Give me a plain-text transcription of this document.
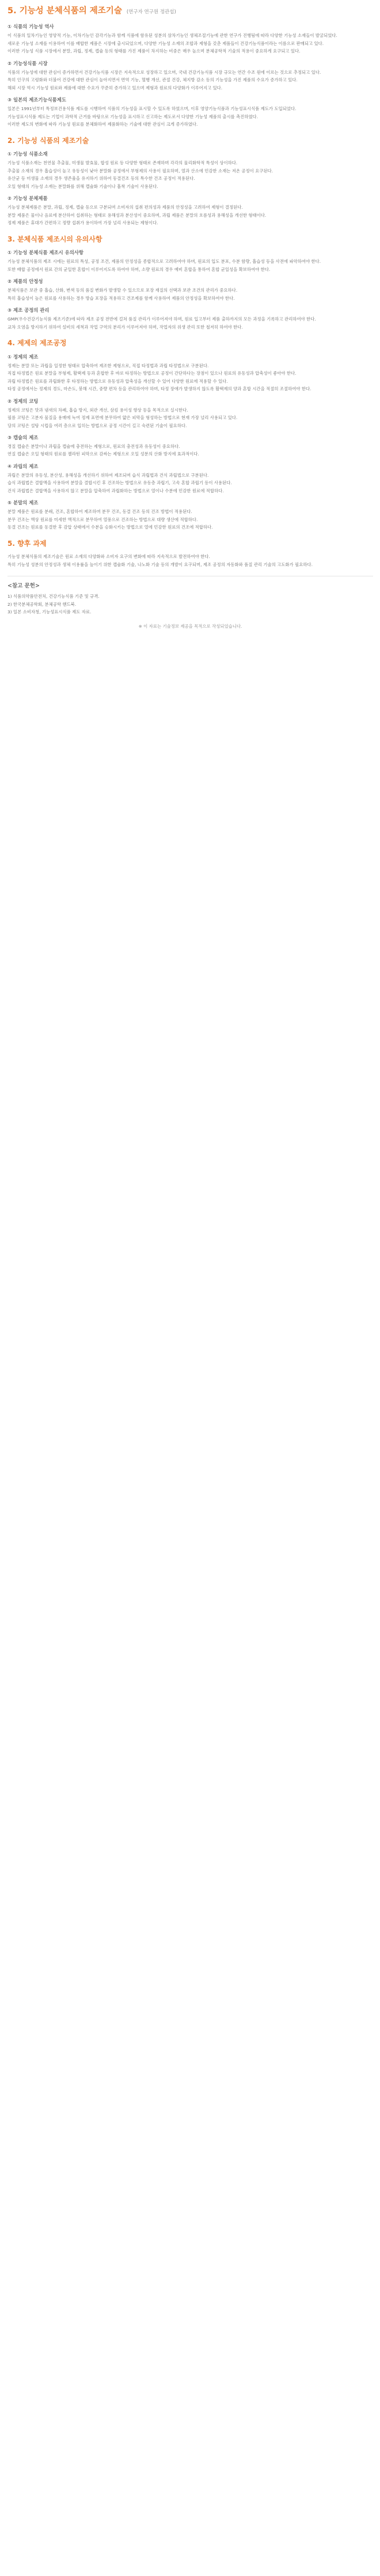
5. 기능성 분체식품의 제조기술 (연구자 연구원 정관섭)
① 식품의 기능성 역사

이 식품의 일차기능인 영양적 기능, 이차기능인 감각기능과 함께 식품에 함유된 성분의 삼차기능인 생체조절기능에 관한 연구가 진행됨에 따라 다양한 기능성 소재들이 발굴되었다.

새로운 기능성 소재를 이용하여 이를 배합한 제품은 시장에 출시되었으며, 다양한 기능성 소재의 조합과 제형을 갖춘 제품들이 건강기능식품이라는 이름으로 판매되고 있다.

이러한 기능성 식품 시장에서 분말, 과립, 정제, 캡슐 등의 형태를 가진 제품이 차지하는 비중은 매우 높으며 분체공학적 기술의 적용이 중요하게 요구되고 있다.

② 기능성식품 시장

식품의 기능성에 대한 관심이 증가하면서 건강기능식품 시장은 지속적으로 성장하고 있으며, 국내 건강기능식품 시장 규모는 연간 수조 원에 이르는 것으로 추정되고 있다.

특히 인구의 고령화와 더불어 건강에 대한 관심이 높아지면서 면역 기능, 혈행 개선, 관절 건강, 체지방 감소 등의 기능성을 가진 제품의 수요가 증가하고 있다.

해외 시장 역시 기능성 원료와 제품에 대한 수요가 꾸준히 증가하고 있으며 제형과 원료의 다양화가 이루어지고 있다.

③ 일본의 제조기능식품제도

일본은 1991년부터 특정보건용식품 제도를 시행하여 식품의 기능성을 표시할 수 있도록 하였으며, 이후 영양기능식품과 기능성표시식품 제도가 도입되었다.

기능성표시식품 제도는 기업이 과학적 근거를 바탕으로 기능성을 표시하고 신고하는 제도로서 다양한 기능성 제품의 출시를 촉진하였다.

이러한 제도의 변화에 따라 기능성 원료를 분체화하여 제품화하는 기술에 대한 관심이 크게 증가하였다.

2. 기능성 식품의 제조기술
① 기능성 식품소재

기능성 식품소재는 천연물 추출물, 미생물 발효물, 합성 원료 등 다양한 형태로 존재하며 각각의 물리화학적 특성이 상이하다.

추출물 소재의 경우 흡습성이 높고 유동성이 낮아 분말화 공정에서 부형제의 사용이 필요하며, 열과 산소에 민감한 소재는 저온 공정이 요구된다.

유산균 등 미생물 소재의 경우 생존율을 유지하기 위하여 동결건조 등의 특수한 건조 공정이 적용된다.

오일 형태의 기능성 소재는 분말화를 위해 캡슐화 기술이나 흡착 기술이 사용된다.

② 기능성 분체제품

기능성 분체제품은 분말, 과립, 정제, 캡슐 등으로 구분되며 소비자의 섭취 편의성과 제품의 안정성을 고려하여 제형이 결정된다.

분말 제품은 물이나 음료에 분산하여 섭취하는 형태로 용해성과 분산성이 중요하며, 과립 제품은 분말의 흐름성과 용해성을 개선한 형태이다.

정제 제품은 휴대가 간편하고 정량 섭취가 용이하여 가장 널리 사용되는 제형이다.

3. 분체식품 제조시의 유의사항
① 기능성 분체식품 제조시 유의사항

기능성 분체식품의 제조 시에는 원료의 특성, 공정 조건, 제품의 안정성을 종합적으로 고려하여야 하며, 원료의 입도 분포, 수분 함량, 흡습성 등을 사전에 파악하여야 한다.

또한 배합 공정에서 원료 간의 균일한 혼합이 이루어지도록 하여야 하며, 소량 원료의 경우 예비 혼합을 통하여 혼합 균일성을 확보하여야 한다.

② 제품의 안정성

분체식품은 보관 중 흡습, 산화, 변색 등의 품질 변화가 발생할 수 있으므로 포장 재질의 선택과 보관 조건의 관리가 중요하다.

특히 흡습성이 높은 원료를 사용하는 경우 방습 포장을 적용하고 건조제를 함께 사용하여 제품의 안정성을 확보하여야 한다.

③ 제조 공정의 관리

GMP(우수건강기능식품 제조기준)에 따라 제조 공정 전반에 걸쳐 품질 관리가 이루어져야 하며, 원료 입고부터 제품 출하까지의 모든 과정을 기록하고 관리하여야 한다.

교차 오염을 방지하기 위하여 설비의 세척과 작업 구역의 분리가 이루어져야 하며, 작업자의 위생 관리 또한 철저히 하여야 한다.

4. 제제의 제조공정
① 정제의 제조

정제는 분말 또는 과립을 일정한 형태로 압축하여 제조한 제형으로, 직접 타정법과 과립 타정법으로 구분된다.

직접 타정법은 원료 분말을 부형제, 활택제 등과 혼합한 후 바로 타정하는 방법으로 공정이 간단하다는 장점이 있으나 원료의 유동성과 압축성이 좋아야 한다.

과립 타정법은 원료를 과립화한 후 타정하는 방법으로 유동성과 압축성을 개선할 수 있어 다양한 원료에 적용할 수 있다.

타정 공정에서는 정제의 경도, 마손도, 붕해 시간, 중량 편차 등을 관리하여야 하며, 타정 장애가 발생하지 않도록 활택제의 양과 혼합 시간을 적절히 조절하여야 한다.

② 정제의 코팅

정제의 코팅은 맛과 냄새의 차폐, 흡습 방지, 외관 개선, 삼킴 용이성 향상 등을 목적으로 실시한다.

필름 코팅은 고분자 물질을 용매에 녹여 정제 표면에 분무하여 얇은 피막을 형성하는 방법으로 현재 가장 널리 사용되고 있다.

당의 코팅은 설탕 시럽을 여러 층으로 입히는 방법으로 공정 시간이 길고 숙련된 기술이 필요하다.

③ 캡슐의 제조

경질 캡슐은 분말이나 과립을 캡슐에 충전하는 제형으로, 원료의 충전성과 유동성이 중요하다.

연질 캡슐은 오일 형태의 원료를 젤라틴 피막으로 감싸는 제형으로 오일 성분의 산화 방지에 효과적이다.

④ 과립의 제조

과립은 분말의 유동성, 분산성, 용해성을 개선하기 위하여 제조되며 습식 과립법과 건식 과립법으로 구분된다.

습식 과립법은 결합액을 사용하여 분말을 결합시킨 후 건조하는 방법으로 유동층 과립기, 고속 혼합 과립기 등이 사용된다.

건식 과립법은 결합액을 사용하지 않고 분말을 압축하여 과립화하는 방법으로 열이나 수분에 민감한 원료에 적합하다.

⑤ 분말의 제조

분말 제품은 원료를 분쇄, 건조, 혼합하여 제조하며 분무 건조, 동결 건조 등의 건조 방법이 적용된다.

분무 건조는 액상 원료를 미세한 액적으로 분무하여 열풍으로 건조하는 방법으로 대량 생산에 적합하다.

동결 건조는 원료를 동결한 후 감압 상태에서 수분을 승화시키는 방법으로 열에 민감한 원료의 건조에 적합하다.

5. 향후 과제

기능성 분체식품의 제조기술은 원료 소재의 다양화와 소비자 요구의 변화에 따라 지속적으로 발전하여야 한다.

특히 기능성 성분의 안정성과 생체 이용률을 높이기 위한 캡슐화 기술, 나노화 기술 등의 개발이 요구되며, 제조 공정의 자동화와 품질 관리 기술의 고도화가 필요하다.

<참고 문헌>

1) 식품의약품안전처, 건강기능식품 기준 및 규격.

2) 한국분체공학회, 분체공학 핸드북.

3) 일본 소비자청, 기능성표시식품 제도 자료.

※ 이 자료는 기술정보 제공을 목적으로 작성되었습니다.
